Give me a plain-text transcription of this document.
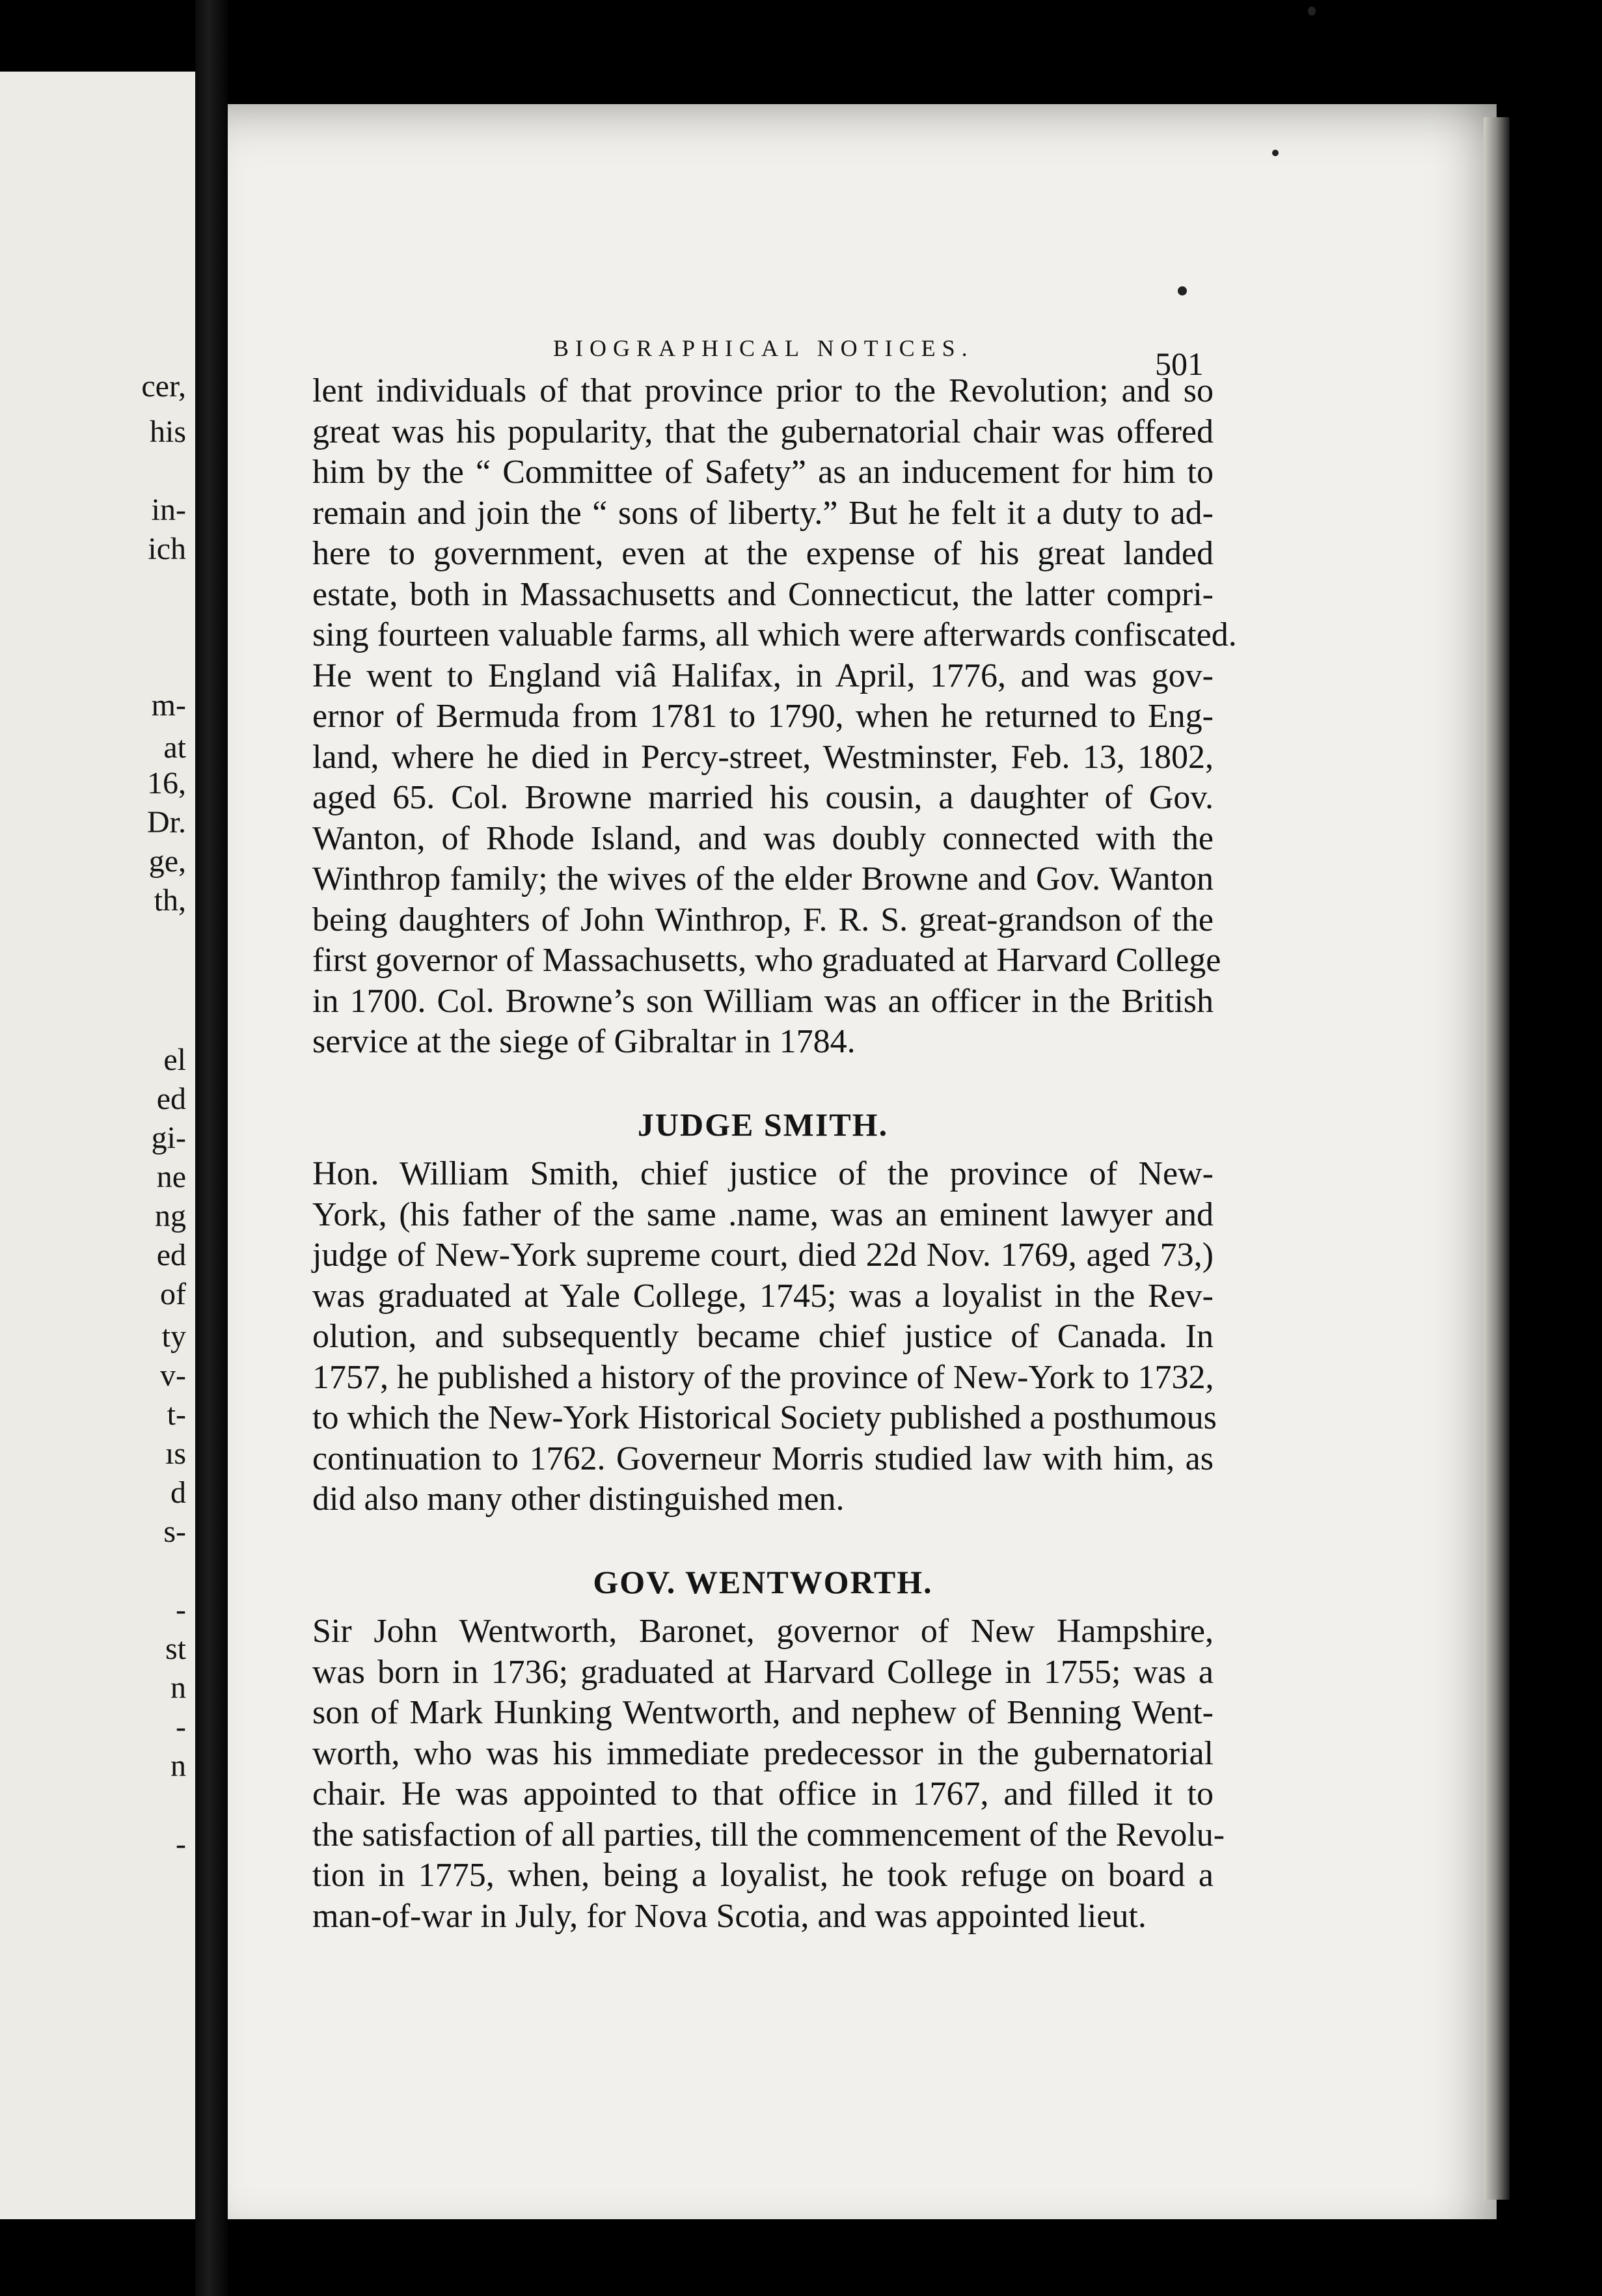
cer,
his
in-
ich
m-
at
16,
Dr.
ge,
th,
el
ed
gi-
ne
ng
ed
of
ty
v-
t-
ıs
d
s-
-
st
n
-
n
-
BIOGRAPHICAL NOTICES.	501

lent individuals of that province prior to the Revolution; and so
great was his popularity, that the gubernatorial chair was offered
him by the “ Committee of Safety” as an inducement for him to
remain and join the “ sons of liberty.” But he felt it a duty to ad-
here to government, even at the expense of his great landed
estate, both in Massachusetts and Connecticut, the latter compri-
sing fourteen valuable farms, all which were afterwards confiscated.
He went to England viâ Halifax, in April, 1776, and was gov-
ernor of Bermuda from 1781 to 1790, when he returned to Eng-
land, where he died in Percy-street, Westminster, Feb. 13, 1802,
aged 65. Col. Browne married his cousin, a daughter of Gov.
Wanton, of Rhode Island, and was doubly connected with the
Winthrop family; the wives of the elder Browne and Gov. Wanton
being daughters of John Winthrop, F. R. S. great-grandson of the
first governor of Massachusetts, who graduated at Harvard College
in 1700. Col. Browne’s son William was an officer in the British
service at the siege of Gibraltar in 1784.

JUDGE SMITH.

Hon. William Smith, chief justice of the province of New-
York, (his father of the same .name, was an eminent lawyer and
judge of New-York supreme court, died 22d Nov. 1769, aged 73,)
was graduated at Yale College, 1745; was a loyalist in the Rev-
olution, and subsequently became chief justice of Canada. In
1757, he published a history of the province of New-York to 1732,
to which the New-York Historical Society published a posthumous
continuation to 1762. Governeur Morris studied law with him, as
did also many other distinguished men.

GOV. WENTWORTH.

Sir John Wentworth, Baronet, governor of New Hampshire,
was born in 1736; graduated at Harvard College in 1755; was a
son of Mark Hunking Wentworth, and nephew of Benning Went-
worth, who was his immediate predecessor in the gubernatorial
chair. He was appointed to that office in 1767, and filled it to
the satisfaction of all parties, till the commencement of the Revolu-
tion in 1775, when, being a loyalist, he took refuge on board a
man-of-war in July, for Nova Scotia, and was appointed lieut.
